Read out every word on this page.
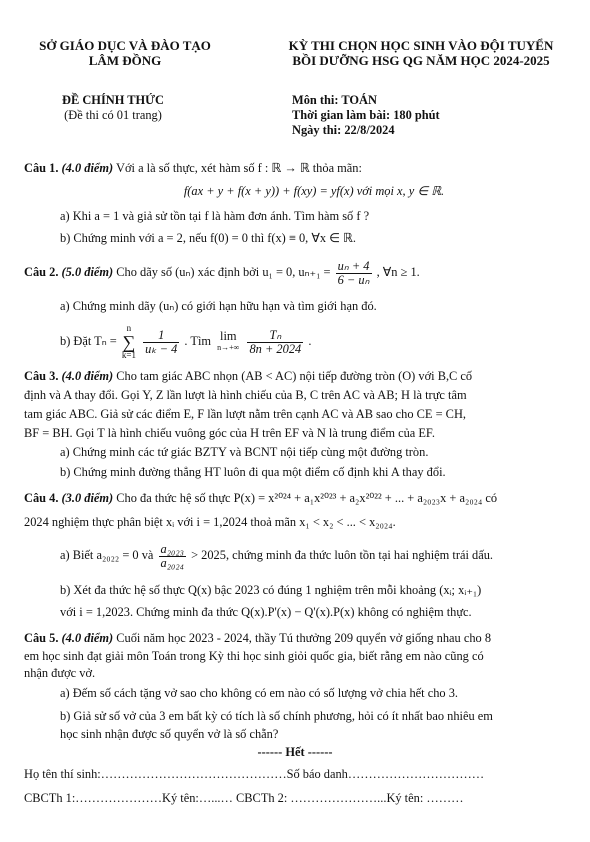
SỞ GIÁO DỤC VÀ ĐÀO TẠO
LÂM ĐỒNG
KỲ THI CHỌN HỌC SINH VÀO ĐỘI TUYỂN
BỒI DƯỠNG HSG QG NĂM HỌC 2024-2025
ĐỀ CHÍNH THỨC
(Đề thi có 01 trang)
Môn thi: TOÁN
Thời gian làm bài: 180 phút
Ngày thi: 22/8/2024
Câu 1. (4.0 điểm) Với a là số thực, xét hàm số f : ℝ → ℝ thỏa mãn:
f(ax + y + f(x + y)) + f(xy) = yf(x) với mọi x, y ∈ ℝ.
a) Khi a = 1 và giả sử tồn tại f là hàm đơn ánh. Tìm hàm số f ?
b) Chứng minh với a = 2, nếu f(0) = 0 thì f(x) ≡ 0, ∀x ∈ ℝ.
Câu 2. (5.0 điểm) Cho dãy số (uₙ) xác định bởi u₁ = 0, $u_{n+1} = \frac{\text{uₙ + 4}}{\text{6 − uₙ}}$ , ∀n ≥ 1.
a) Chứng minh dãy (uₙ) có giới hạn hữu hạn và tìm giới hạn đó.
b) Đặt Tₙ = n
∑
$k=1 \frac{1}{\text{uₖ − 4}}$ . Tìm lim
n→+∞
$\frac{\text{Tₙ}}{8n + 2024}$ .
Câu 3. (4.0 điểm) Cho tam giác ABC nhọn (AB < AC) nội tiếp đường tròn (O) với B,C cố
định và A thay đổi. Gọi Y, Z lần lượt là hình chiếu của B, C trên AC và AB; H là trực tâm
tam giác ABC. Giả sử các điểm E, F lần lượt nằm trên cạnh AC và AB sao cho CE = CH,
BF = BH. Gọi T là hình chiếu vuông góc của H trên EF và N là trung điểm của EF.
a) Chứng minh các tứ giác BZTY và BCNT nội tiếp cùng một đường tròn.
b) Chứng minh đường thẳng HT luôn đi qua một điểm cố định khi A thay đổi.
Câu 4. (3.0 điểm) Cho đa thức hệ số thực P(x) = x²⁰²⁴ + a₁x²⁰²³ + a₂x²⁰²² + ... + a₂₀₂₃x + a₂₀₂₄ có
2024 nghiệm thực phân biệt xᵢ với i = 1,2024 thoả mãn x₁ < x₂ < ... < x₂₀₂₄.
a) Biết a₂₀₂₂ = 0 và $\frac{\text{a₂₀₂₃}}{\text{a₂₀₂₄}} > 2025$, chứng minh đa thức luôn tồn tại hai nghiệm trái dấu.
b) Xét đa thức hệ số thực Q(x) bậc 2023 có đúng 1 nghiệm trên mỗi khoảng (xᵢ; xᵢ₊₁)
với i = 1,2023. Chứng minh đa thức Q(x).P'(x) − Q'(x).P(x) không có nghiệm thực.
Câu 5. (4.0 điểm) Cuối năm học 2023 - 2024, thầy Tú thưởng 209 quyển vở giống nhau cho 8
em học sinh đạt giải môn Toán trong Kỳ thi học sinh giỏi quốc gia, biết rằng em nào cũng có
nhận được vở.
a) Đếm số cách tặng vở sao cho không có em nào có số lượng vở chia hết cho 3.
b) Giả sử số vở của 3 em bất kỳ có tích là số chính phương, hỏi có ít nhất bao nhiêu em
học sinh nhận được số quyển vở là số chẵn?
------ Hết ------
Họ tên thí sinh:………………………………………Số báo danh……………………………
CBCTh 1:…………………Ký tên:…...… CBCTh 2: …………………...Ký tên: ………
